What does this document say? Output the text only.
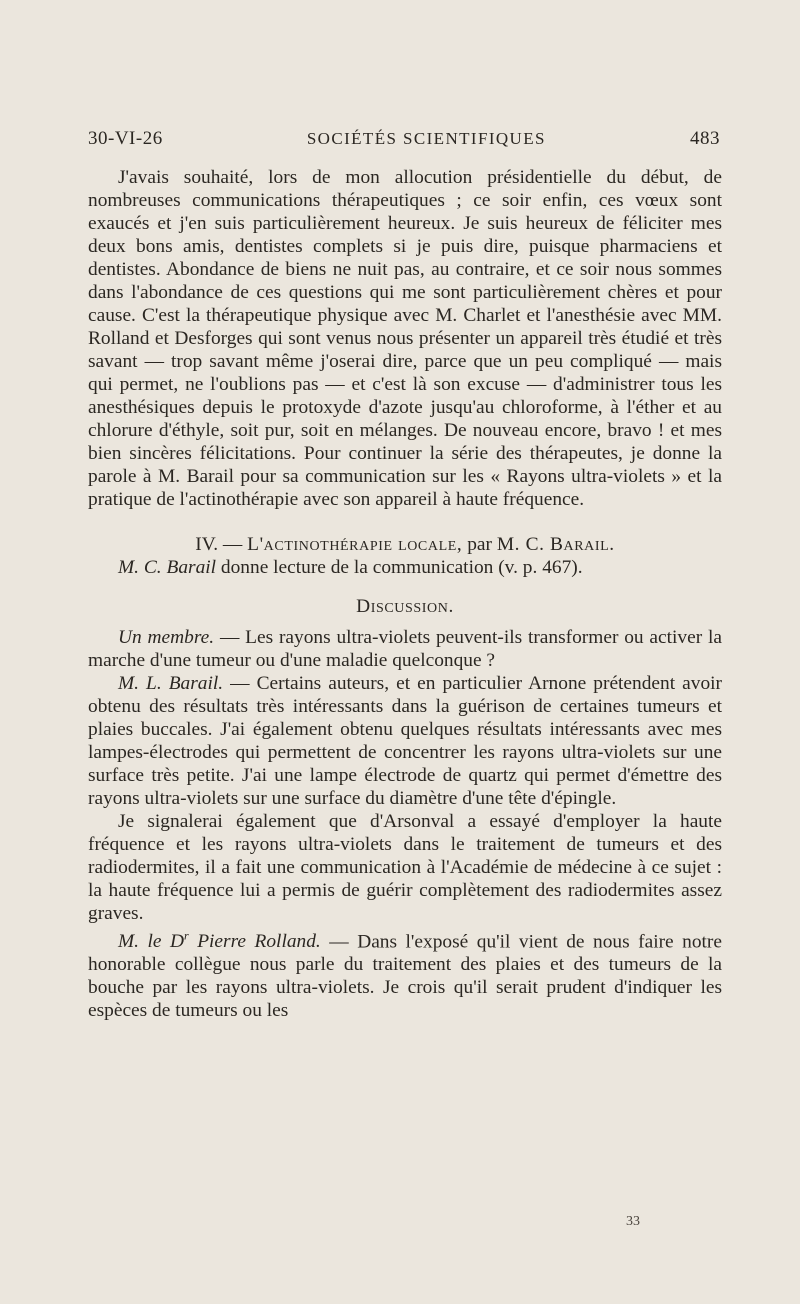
30-VI-26	SOCIÉTÉS SCIENTIFIQUES	483

J'avais souhaité, lors de mon allocution présidentielle du début, de nombreuses communications thérapeutiques ; ce soir enfin, ces vœux sont exaucés et j'en suis particulièrement heureux. Je suis heureux de féliciter mes deux bons amis, dentistes complets si je puis dire, puisque pharmaciens et dentistes. Abondance de biens ne nuit pas, au contraire, et ce soir nous sommes dans l'abondance de ces questions qui me sont particulièrement chères et pour cause. C'est la thérapeutique physique avec M. Charlet et l'anesthésie avec MM. Rolland et Desforges qui sont venus nous présenter un appareil très étudié et très savant — trop savant même j'oserai dire, parce que un peu compliqué — mais qui permet, ne l'oublions pas — et c'est là son excuse — d'administrer tous les anesthésiques depuis le protoxyde d'azote jusqu'au chloroforme, à l'éther et au chlorure d'éthyle, soit pur, soit en mélanges. De nouveau encore, bravo ! et mes bien sincères félicitations. Pour continuer la série des thérapeutes, je donne la parole à M. Barail pour sa communication sur les « Rayons ultra-violets » et la pratique de l'actinothérapie avec son appareil à haute fréquence.

IV. — L'actinothérapie locale, par M. C. Barail.

M. C. Barail donne lecture de la communication (v. p. 467).

Discussion.

Un membre. — Les rayons ultra-violets peuvent-ils transformer ou activer la marche d'une tumeur ou d'une maladie quelconque ?

M. L. Barail. — Certains auteurs, et en particulier Arnone prétendent avoir obtenu des résultats très intéressants dans la guérison de certaines tumeurs et plaies buccales. J'ai également obtenu quelques résultats intéressants avec mes lampes-électrodes qui permettent de concentrer les rayons ultra-violets sur une surface très petite. J'ai une lampe électrode de quartz qui permet d'émettre des rayons ultra-violets sur une surface du diamètre d'une tête d'épingle.

Je signalerai également que d'Arsonval a essayé d'employer la haute fréquence et les rayons ultra-violets dans le traitement de tumeurs et des radiodermites, il a fait une communication à l'Académie de médecine à ce sujet : la haute fréquence lui a permis de guérir complètement des radiodermites assez graves.

M. le $D^r$ Pierre Rolland. — Dans l'exposé qu'il vient de nous faire notre honorable collègue nous parle du traitement des plaies et des tumeurs de la bouche par les rayons ultra-violets. Je crois qu'il serait prudent d'indiquer les espèces de tumeurs ou les

33
